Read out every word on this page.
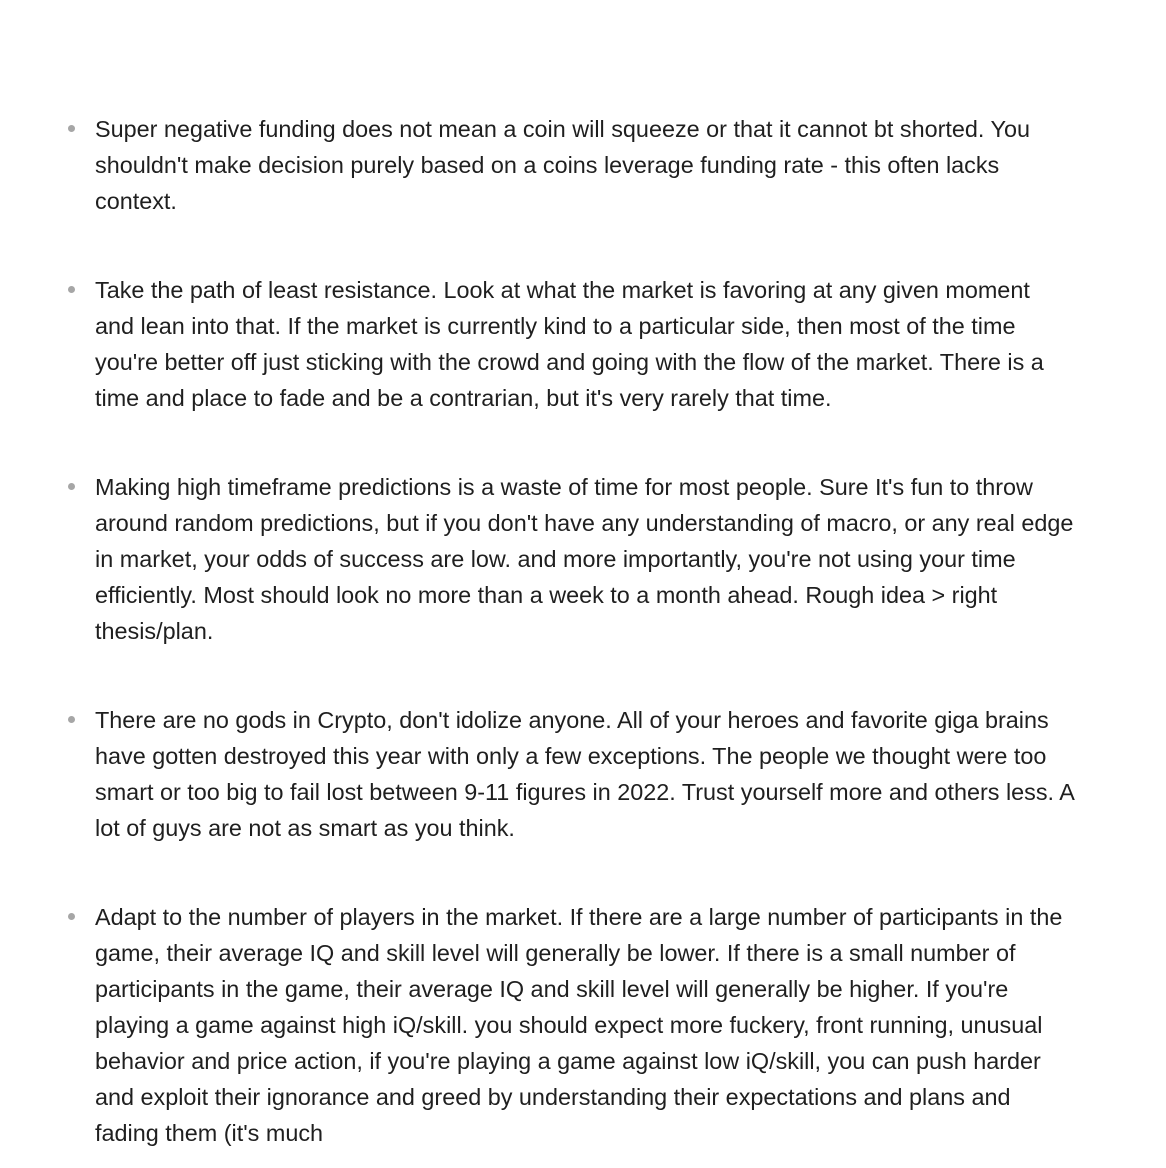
Super negative funding does not mean a coin will squeeze or that it cannot bt shorted. You shouldn't make decision purely based on a coins leverage funding rate - this often lacks context.

Take the path of least resistance. Look at what the market is favoring at any given moment and lean into that. If the market is currently kind to a particular side, then most of the time you're better off just sticking with the crowd and going with the flow of the market. There is a time and place to fade and be a contrarian, but it's very rarely that time.

Making high timeframe predictions is a waste of time for most people. Sure It's fun to throw around random predictions, but if you don't have any understanding of macro, or any real edge in market, your odds of success are low. and more importantly, you're not using your time efficiently. Most should look no more than a week to a month ahead. Rough idea > right thesis/plan.

There are no gods in Crypto, don't idolize anyone. All of your heroes and favorite giga brains have gotten destroyed this year with only a few exceptions. The people we thought were too smart or too big to fail lost between 9-11 figures in 2022. Trust yourself more and others less. A lot of guys are not as smart as you think.

Adapt to the number of players in the market. If there are a large number of participants in the game, their average IQ and skill level will generally be lower. If there is a small number of participants in the game, their average IQ and skill level will generally be higher. If you're playing a game against high iQ/skill. you should expect more fuckery, front running, unusual behavior and price action, if you're playing a game against low iQ/skill, you can push harder and exploit their ignorance and greed by understanding their expectations and plans and fading them (it's much
